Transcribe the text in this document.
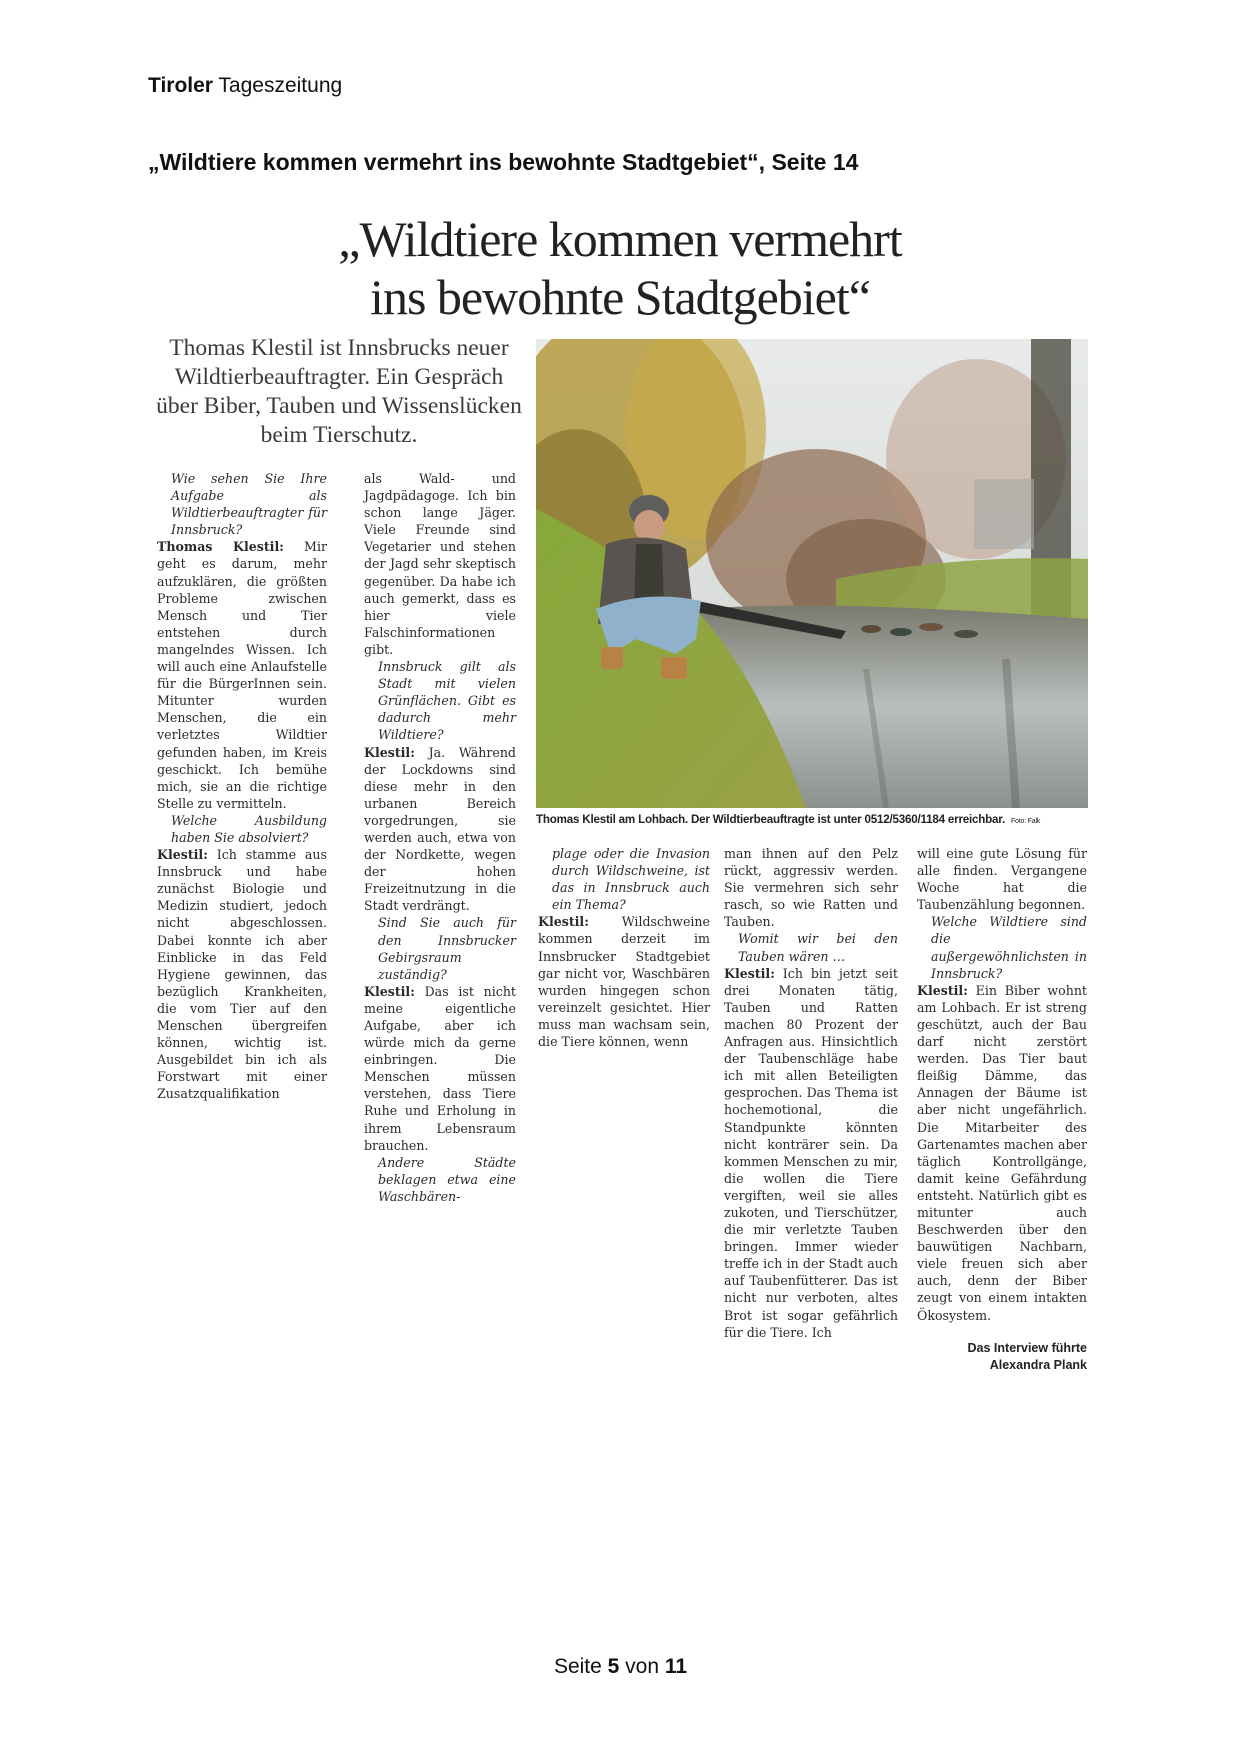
Tiroler Tageszeitung
„Wildtiere kommen vermehrt ins bewohnte Stadtgebiet“, Seite 14
„Wildtiere kommen vermehrt
ins bewohnte Stadtgebiet“
Thomas Klestil ist Innsbrucks neuer Wildtierbeauftragter. Ein Gespräch über Biber, Tauben und Wissenslücken beim Tierschutz.

Wie sehen Sie Ihre Aufgabe als Wildtierbeauftragter für Innsbruck?

Thomas Klestil: Mir geht es darum, mehr aufzuklären, die größten Probleme zwischen Mensch und Tier entstehen durch mangelndes Wissen. Ich will auch eine Anlaufstelle für die BürgerInnen sein. Mitunter wurden Menschen, die ein verletztes Wildtier gefunden haben, im Kreis geschickt. Ich bemühe mich, sie an die richtige Stelle zu vermitteln.

Welche Ausbildung haben Sie absolviert?

Klestil: Ich stamme aus Innsbruck und habe zunächst Biologie und Medizin studiert, jedoch nicht abgeschlossen. Dabei konnte ich aber Einblicke in das Feld Hygiene gewinnen, das bezüglich Krankheiten, die vom Tier auf den Menschen übergreifen können, wichtig ist. Ausgebildet bin ich als Forstwart mit einer Zusatzqualifikation

als Wald- und Jagdpädagoge. Ich bin schon lange Jäger. Viele Freunde sind Vegetarier und stehen der Jagd sehr skeptisch gegenüber. Da habe ich auch gemerkt, dass es hier viele Falschinformationen gibt.

Innsbruck gilt als Stadt mit vielen Grünflächen. Gibt es dadurch mehr Wildtiere?

Klestil: Ja. Während der Lockdowns sind diese mehr in den urbanen Bereich vorgedrungen, sie werden auch, etwa von der Nordkette, wegen der hohen Freizeitnutzung in die Stadt verdrängt.

Sind Sie auch für den Innsbrucker Gebirgsraum zuständig?

Klestil: Das ist nicht meine eigentliche Aufgabe, aber ich würde mich da gerne einbringen. Die Menschen müssen verstehen, dass Tiere Ruhe und Erholung in ihrem Lebensraum brauchen.

Andere Städte beklagen etwa eine Waschbären-

Thomas Klestil am Lohbach. Der Wildtierbeauftragte ist unter 0512/5360/1184 erreichbar. Foto: Falk

plage oder die Invasion durch Wildschweine, ist das in Innsbruck auch ein Thema?

Klestil: Wildschweine kommen derzeit im Innsbrucker Stadtgebiet gar nicht vor, Waschbären wurden hingegen schon vereinzelt gesichtet. Hier muss man wachsam sein, die Tiere können, wenn

man ihnen auf den Pelz rückt, aggressiv werden. Sie vermehren sich sehr rasch, so wie Ratten und Tauben.

Womit wir bei den Tauben wären …

Klestil: Ich bin jetzt seit drei Monaten tätig, Tauben und Ratten machen 80 Prozent der Anfragen aus. Hinsichtlich der Taubenschläge habe ich mit allen Beteiligten gesprochen. Das Thema ist hochemotional, die Standpunkte könnten nicht konträrer sein. Da kommen Menschen zu mir, die wollen die Tiere vergiften, weil sie alles zukoten, und Tierschützer, die mir verletzte Tauben bringen. Immer wieder treffe ich in der Stadt auch auf Taubenfütterer. Das ist nicht nur verboten, altes Brot ist sogar gefährlich für die Tiere. Ich

will eine gute Lösung für alle finden. Vergangene Woche hat die Taubenzählung begonnen.

Welche Wildtiere sind die außergewöhnlichsten in Innsbruck?

Klestil: Ein Biber wohnt am Lohbach. Er ist streng geschützt, auch der Bau darf nicht zerstört werden. Das Tier baut fleißig Dämme, das Annagen der Bäume ist aber nicht ungefährlich. Die Mitarbeiter des Gartenamtes machen aber täglich Kontrollgänge, damit keine Gefährdung entsteht. Natürlich gibt es mitunter auch Beschwerden über den bauwütigen Nachbarn, viele freuen sich aber auch, denn der Biber zeugt von einem intakten Ökosystem.

Das Interview führte
Alexandra Plank
Seite 5 von 11
